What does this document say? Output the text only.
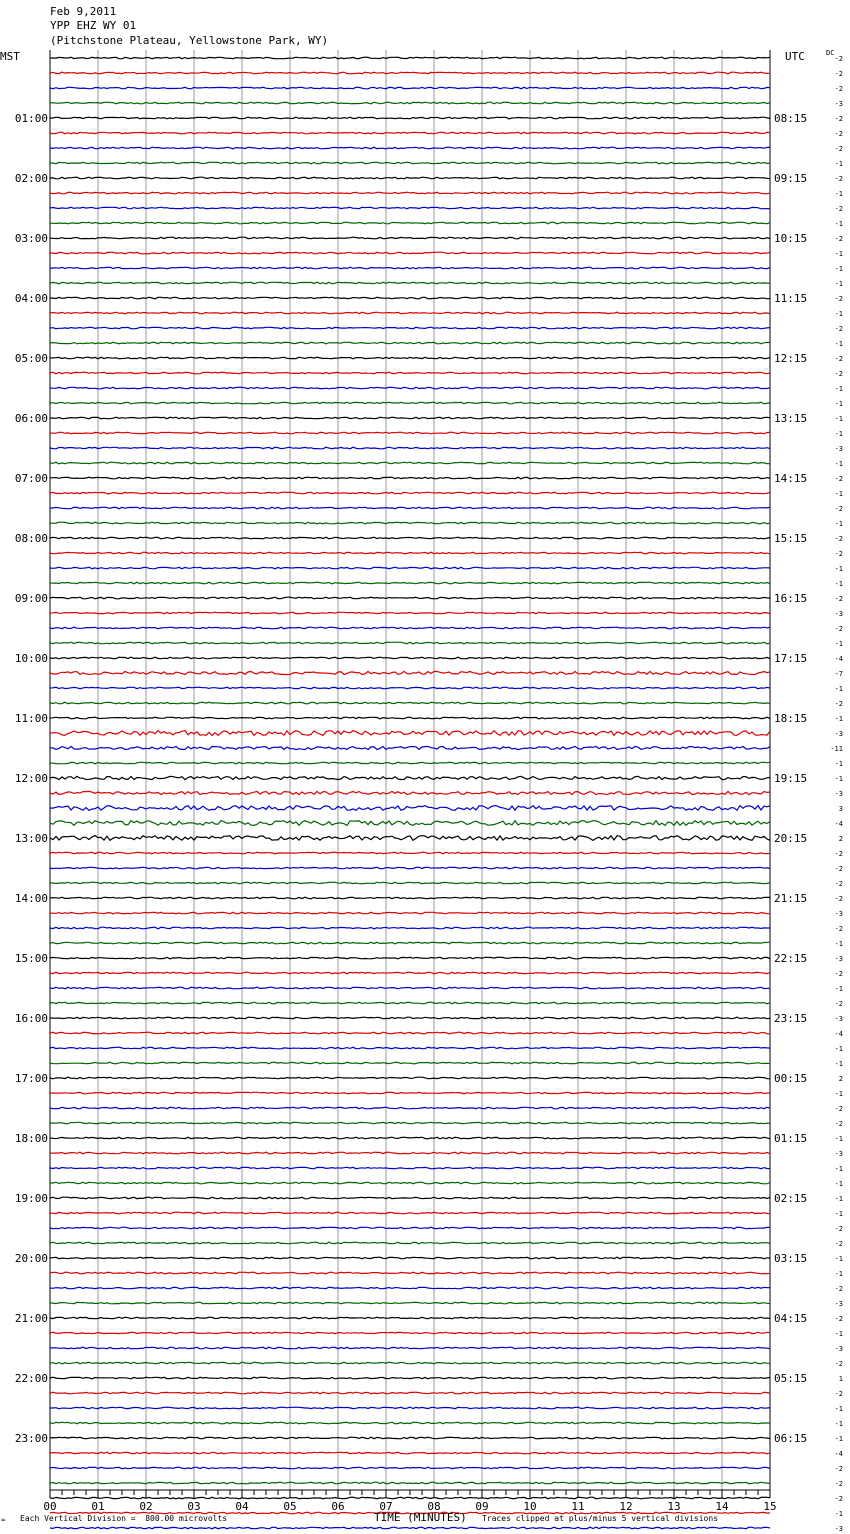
Feb 9,2011
YPP EHZ WY 01
(Pitchstone Plateau, Yellowstone Park, WY)
MST	UTC	DC
-2
-2
-2
-3
-2
-2
-2
-1
-2
-1
-2
-1
-2
-1
-1
-1
-2
-1
-2
-1
-2
-2
-1
-1
-1
-1
-3
-1
-2
-1
-2
-1
-2
-2
-1
-1
-2
-3
-2
-1
-4
-7
-1
-2
-1
-3
-11
-1
-1
-3
3
-4
2
-2
-2
-2
-2
-3
-2
-1
-3
-2
-1
-2
-3
-4
-1
-1
2
-1
-2
-2
-1
-3
-1
-1
-1
-1
-2
-2
-1
-1
-2
-3
-2
-1
-3
-2
1
-2
-1
-1
-1
-4
-2
-2
-2
-1
-3
01:00
02:00
03:00
04:00
05:00
06:00
07:00
08:00
09:00
10:00
11:00
12:00
13:00
14:00
15:00
16:00
17:00
18:00
19:00
20:00
21:00
22:00
23:00
08:15
09:15
10:15
11:15
12:15
13:15
14:15
15:15
16:15
17:15
18:15
19:15
20:15
21:15
22:15
23:15
00:15
01:15
02:15
03:15
04:15
05:15
06:15
00	01	02	03	04	05	06	07	08	09	10	11	12	13	14	15
≈ Each Vertical Division =  800.00 microvolts	TIME (MINUTES) Traces clipped at plus/minus 5 vertical divisions
